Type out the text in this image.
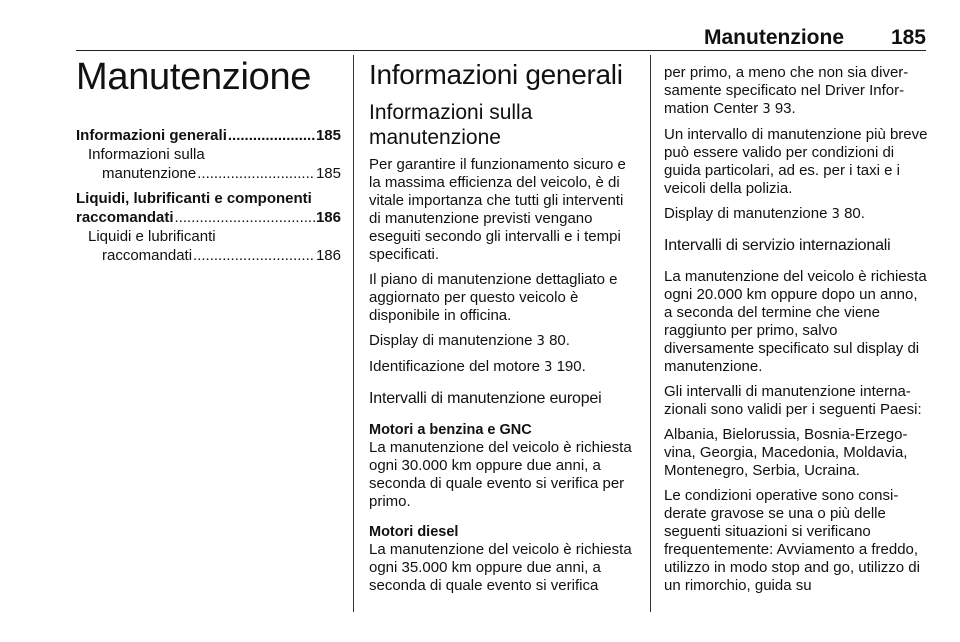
Manutenzione 185
Manutenzione
Informazioni generali .....	185
Informazioni sulla
manutenzione .....	185
Liquidi, lubrificanti e componenti
raccomandati .....	186
Liquidi e lubrificanti
raccomandati .....	186
Informazioni generali
Informazioni sulla manutenzione

Per garantire il funzionamento sicuro e la massima efficienza del veicolo, è di vitale importanza che tutti gli interventi di manutenzione previsti vengano eseguiti secondo gli intervalli e i tempi specificati.

Il piano di manutenzione dettagliato e aggiornato per questo veicolo è disponibile in officina.

Display di manutenzione 3 80.

Identificazione del motore 3 190.

Intervalli di manutenzione europei
Motori a benzina e GNC

La manutenzione del veicolo è richiesta ogni 30.000 km oppure due anni, a seconda di quale evento si verifica per primo.

Motori diesel

La manutenzione del veicolo è richiesta ogni 35.000 km oppure due anni, a seconda di quale evento si verifica

per primo, a meno che non sia diversamente specificato nel Driver Information Center 3 93.

Un intervallo di manutenzione più breve può essere valido per condizioni di guida particolari, ad es. per i taxi e i veicoli della polizia.

Display di manutenzione 3 80.

Intervalli di servizio internazionali

La manutenzione del veicolo è richiesta ogni 20.000 km oppure dopo un anno, a seconda del termine che viene raggiunto per primo, salvo diversamente specificato sul display di manutenzione.

Gli intervalli di manutenzione internazionali sono validi per i seguenti Paesi:

Albania, Bielorussia, Bosnia-Erzegovina, Georgia, Macedonia, Moldavia, Montenegro, Serbia, Ucraina.

Le condizioni operative sono considerate gravose se una o più delle seguenti situazioni si verificano frequentemente: Avviamento a freddo, utilizzo in modo stop and go, utilizzo di un rimorchio, guida su
